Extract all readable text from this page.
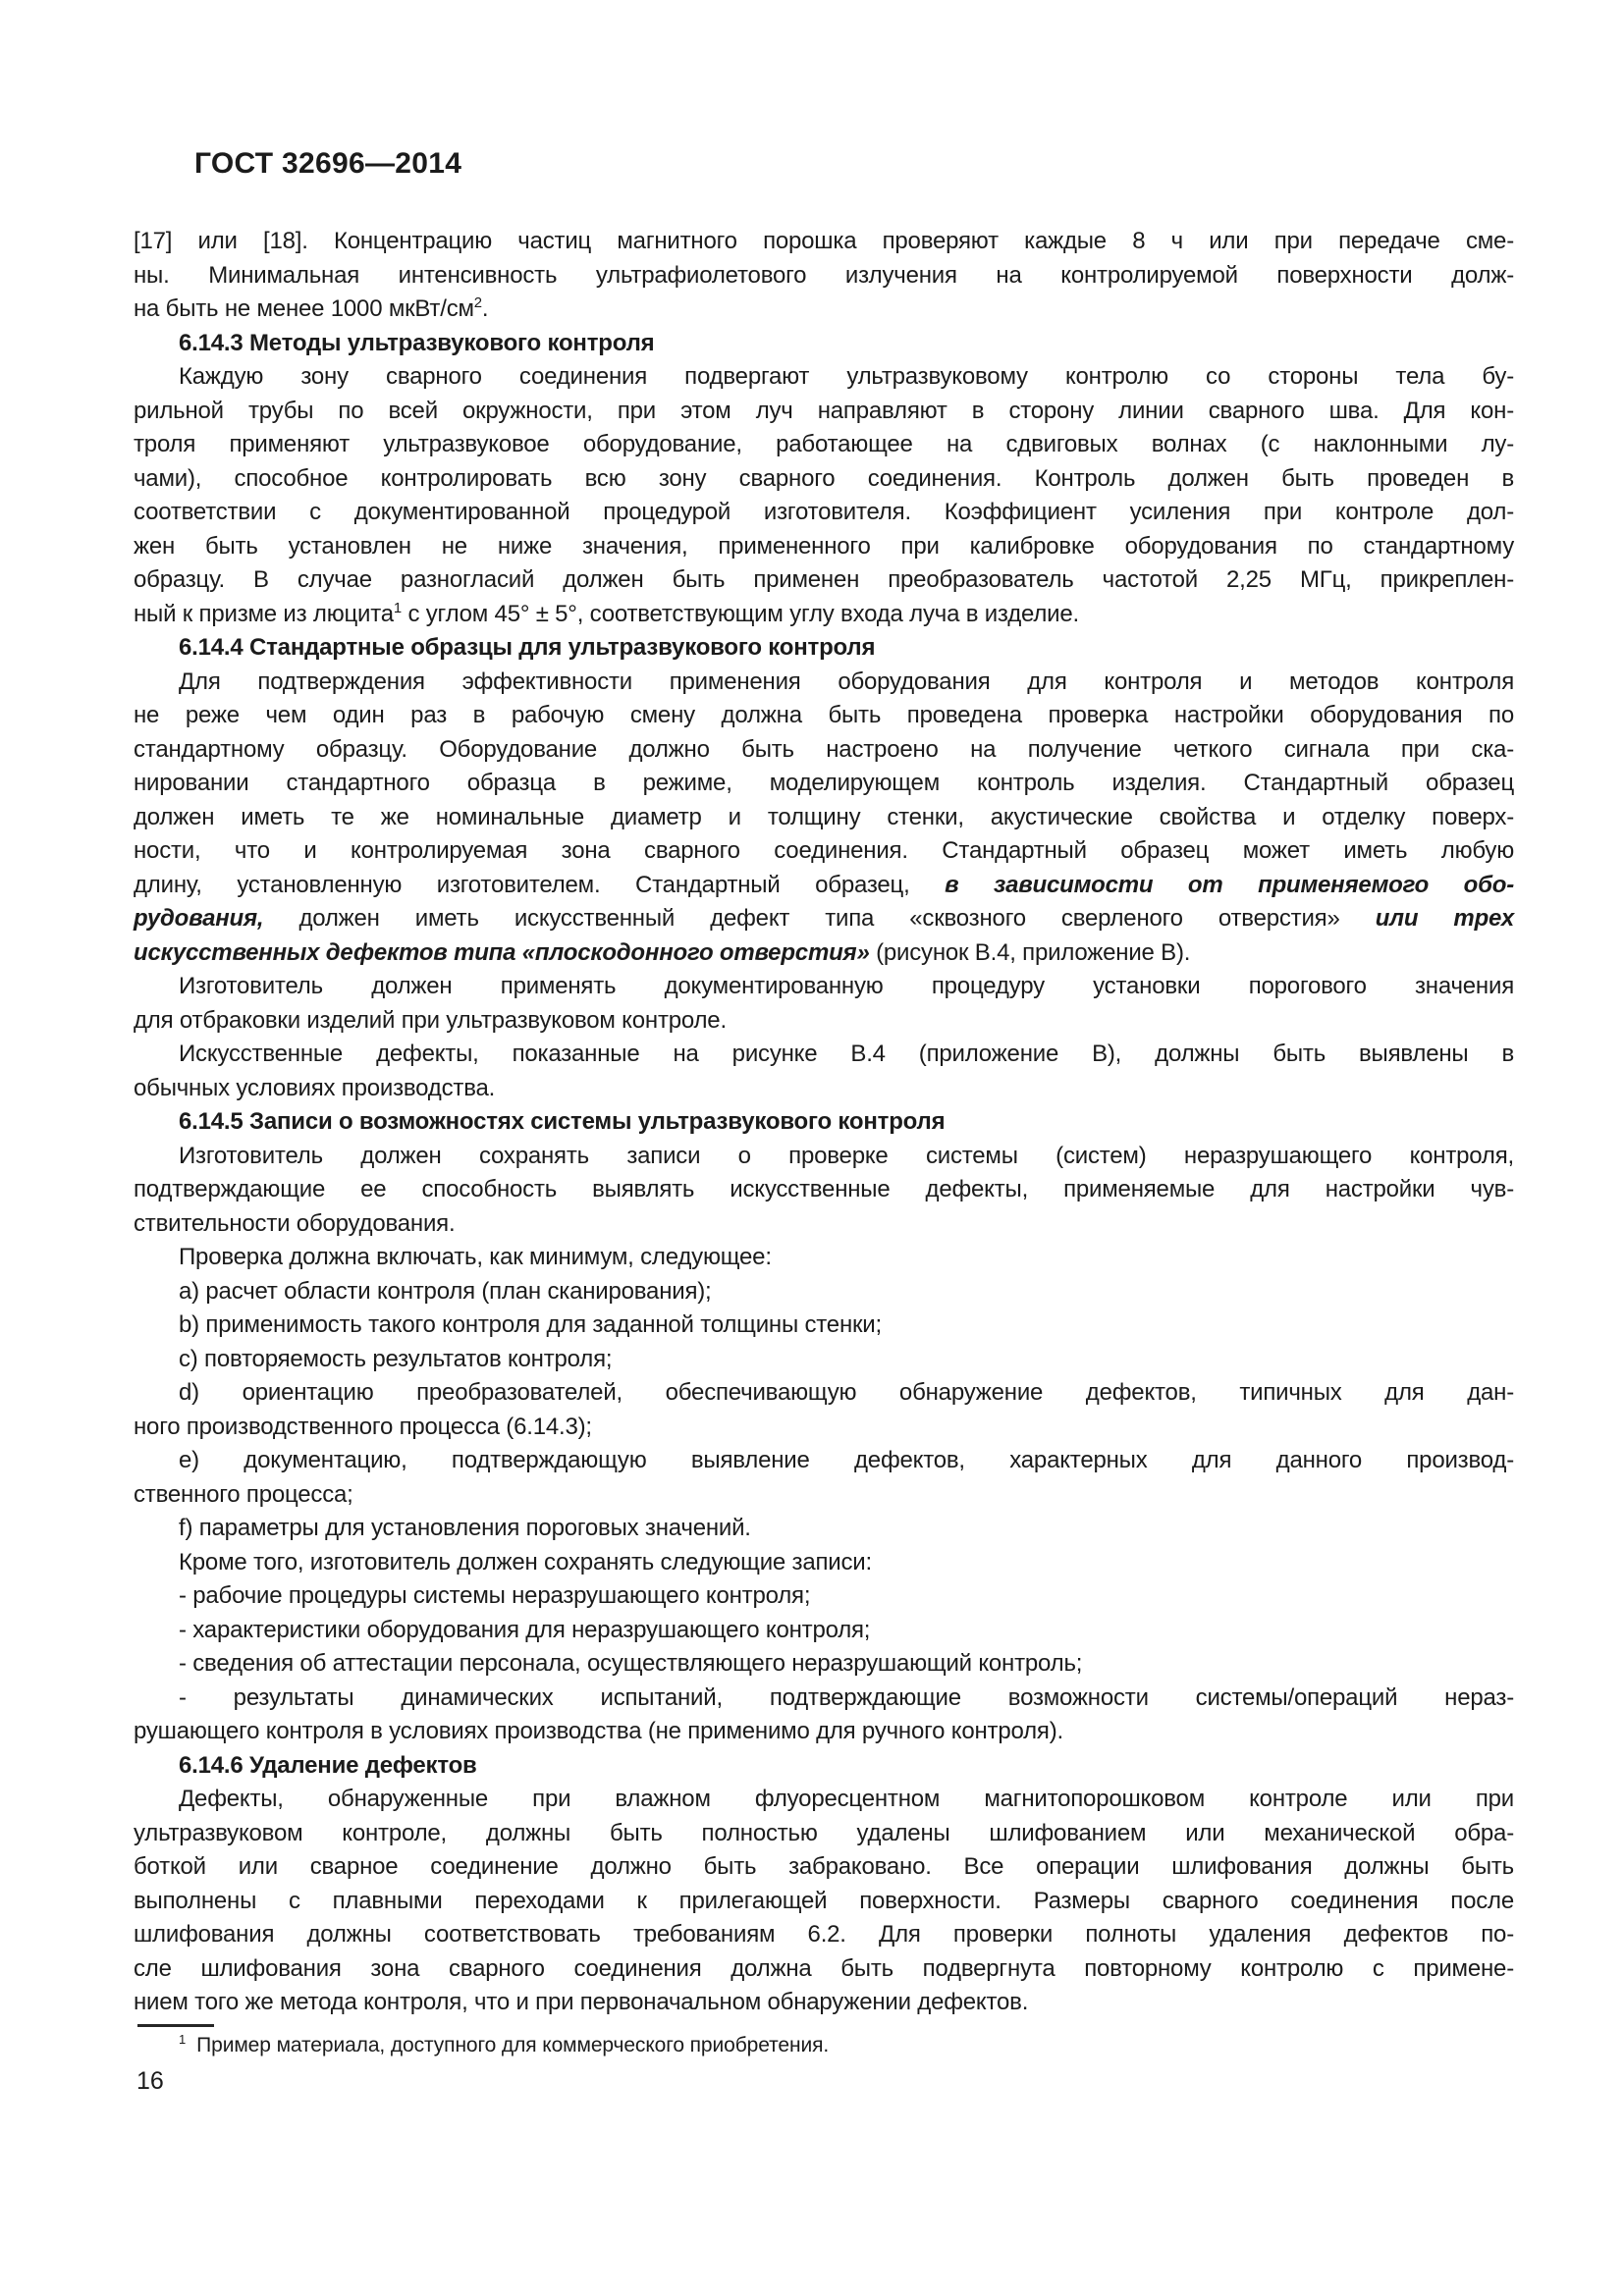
ГОСТ 32696—2014
[17] или [18]. Концентрацию частиц магнитного порошка проверяют каждые 8 ч или при передаче сме-
ны. Минимальная интенсивность ультрафиолетового излучения на контролируемой поверхности долж-
на быть не менее 1000 мкВт/$см^2$.
6.14.3 Методы ультразвукового контроля
Каждую зону сварного соединения подвергают ультразвуковому контролю со стороны тела бу-
рильной трубы по всей окружности, при этом луч направляют в сторону линии сварного шва. Для кон-
троля применяют ультразвуковое оборудование, работающее на сдвиговых волнах (с наклонными лу-
чами), способное контролировать всю зону сварного соединения. Контроль должен быть проведен в
соответствии с документированной процедурой изготовителя. Коэффициент усиления при контроле дол-
жен быть установлен не ниже значения, примененного при калибровке оборудования по стандартному
образцу. В случае разногласий должен быть применен преобразователь частотой 2,25 МГц, прикреплен-
ный к призме из люцита$^1$ с углом 45° ± 5°, соответствующим углу входа луча в изделие.
6.14.4 Стандартные образцы для ультразвукового контроля
Для подтверждения эффективности применения оборудования для контроля и методов контроля
не реже чем один раз в рабочую смену должна быть проведена проверка настройки оборудования по
стандартному образцу. Оборудование должно быть настроено на получение четкого сигнала при ска-
нировании стандартного образца в режиме, моделирующем контроль изделия. Стандартный образец
должен иметь те же номинальные диаметр и толщину стенки, акустические свойства и отделку поверх-
ности, что и контролируемая зона сварного соединения. Стандартный образец может иметь любую
длину, установленную изготовителем. Стандартный образец, в зависимости от применяемого обо-
рудования, должен иметь искусственный дефект типа «сквозного сверленого отверстия» или трех
искусственных дефектов типа «плоскодонного отверстия» (рисунок В.4, приложение В).
Изготовитель должен применять документированную процедуру установки порогового значения
для отбраковки изделий при ультразвуковом контроле.
Искусственные дефекты, показанные на рисунке В.4 (приложение В), должны быть выявлены в
обычных условиях производства.
6.14.5 Записи о возможностях системы ультразвукового контроля
Изготовитель должен сохранять записи о проверке системы (систем) неразрушающего контроля,
подтверждающие ее способность выявлять искусственные дефекты, применяемые для настройки чув-
ствительности оборудования.
Проверка должна включать, как минимум, следующее:
a) расчет области контроля (план сканирования);
b) применимость такого контроля для заданной толщины стенки;
c) повторяемость результатов контроля;
d) ориентацию преобразователей, обеспечивающую обнаружение дефектов, типичных для дан-
ного производственного процесса (6.14.3);
e) документацию, подтверждающую выявление дефектов, характерных для данного производ-
ственного процесса;
f) параметры для установления пороговых значений.
Кроме того, изготовитель должен сохранять следующие записи:
- рабочие процедуры системы неразрушающего контроля;
- характеристики оборудования для неразрушающего контроля;
- сведения об аттестации персонала, осуществляющего неразрушающий контроль;
- результаты динамических испытаний, подтверждающие возможности системы/операций нераз-
рушающего контроля в условиях производства (не применимо для ручного контроля).
6.14.6 Удаление дефектов
Дефекты, обнаруженные при влажном флуоресцентном магнитопорошковом контроле или при
ультразвуковом контроле, должны быть полностью удалены шлифованием или механической обра-
боткой или сварное соединение должно быть забраковано. Все операции шлифования должны быть
выполнены с плавными переходами к прилегающей поверхности. Размеры сварного соединения после
шлифования должны соответствовать требованиям 6.2. Для проверки полноты удаления дефектов по-
сле шлифования зона сварного соединения должна быть подвергнута повторному контролю с примене-
нием того же метода контроля, что и при первоначальном обнаружении дефектов.
$^1$ Пример материала, доступного для коммерческого приобретения.
16
